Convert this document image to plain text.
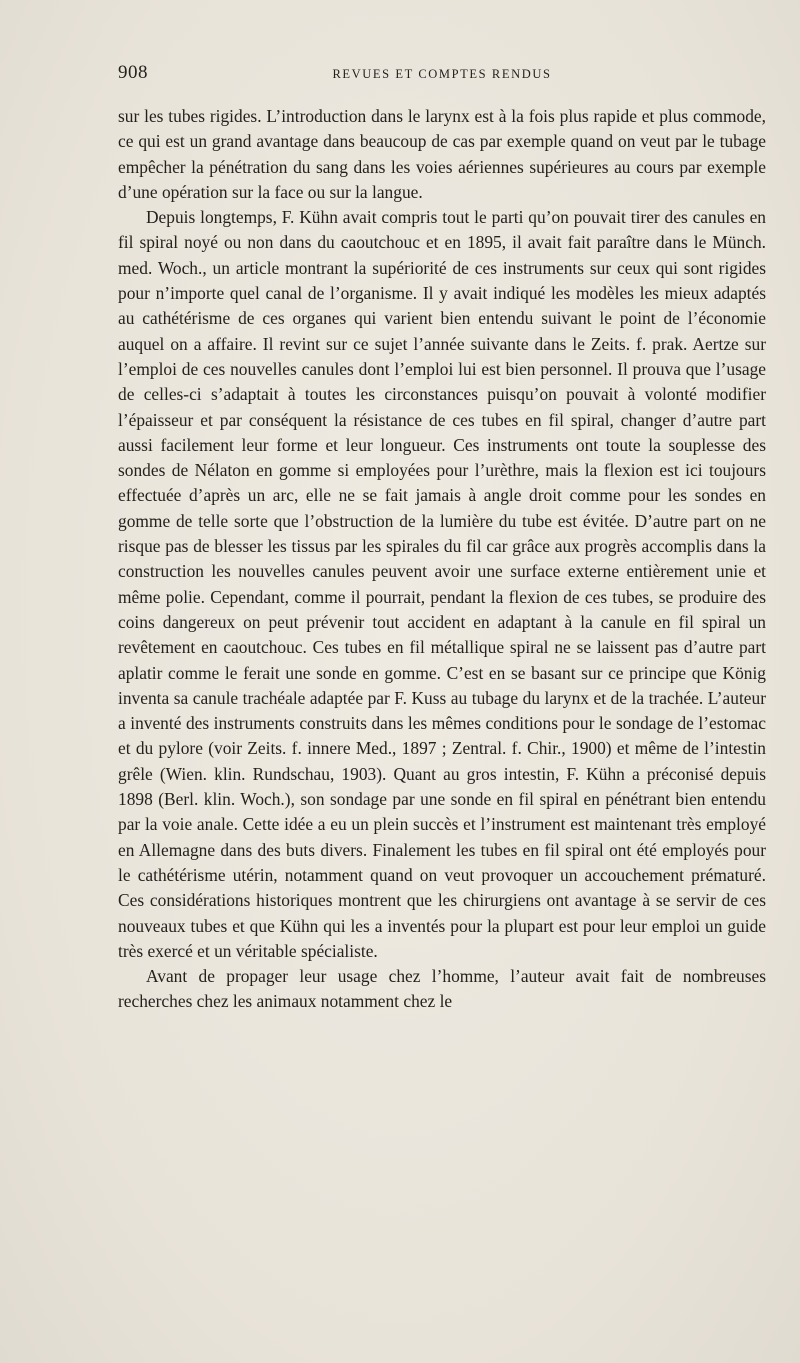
908	REVUES ET COMPTES RENDUS

sur les tubes rigides. L’introduction dans le larynx est à la fois plus rapide et plus commode, ce qui est un grand avantage dans beaucoup de cas par exemple quand on veut par le tubage empêcher la pénétration du sang dans les voies aériennes supérieures au cours par exemple d’une opération sur la face ou sur la langue.

Depuis longtemps, F. Kühn avait compris tout le parti qu’on pouvait tirer des canules en fil spiral noyé ou non dans du caoutchouc et en 1895, il avait fait paraître dans le Münch. med. Woch., un article montrant la supériorité de ces instruments sur ceux qui sont rigides pour n’importe quel canal de l’organisme. Il y avait indiqué les modèles les mieux adaptés au cathétérisme de ces organes qui varient bien entendu suivant le point de l’économie auquel on a affaire. Il revint sur ce sujet l’année suivante dans le Zeits. f. prak. Aertze sur l’emploi de ces nouvelles canules dont l’emploi lui est bien personnel. Il prouva que l’usage de celles-ci s’adaptait à toutes les circonstances puisqu’on pouvait à volonté modifier l’épaisseur et par conséquent la résistance de ces tubes en fil spiral, changer d’autre part aussi facilement leur forme et leur longueur. Ces instruments ont toute la souplesse des sondes de Nélaton en gomme si employées pour l’urèthre, mais la flexion est ici toujours effectuée d’après un arc, elle ne se fait jamais à angle droit comme pour les sondes en gomme de telle sorte que l’obstruction de la lumière du tube est évitée. D’autre part on ne risque pas de blesser les tissus par les spirales du fil car grâce aux progrès accomplis dans la construction les nouvelles canules peuvent avoir une surface externe entièrement unie et même polie. Cependant, comme il pourrait, pendant la flexion de ces tubes, se produire des coins dangereux on peut prévenir tout accident en adaptant à la canule en fil spiral un revêtement en caoutchouc. Ces tubes en fil métallique spiral ne se laissent pas d’autre part aplatir comme le ferait une sonde en gomme. C’est en se basant sur ce principe que König inventa sa canule trachéale adaptée par F. Kuss au tubage du larynx et de la trachée. L’auteur a inventé des instruments construits dans les mêmes conditions pour le sondage de l’estomac et du pylore (voir Zeits. f. innere Med., 1897 ; Zentral. f. Chir., 1900) et même de l’intestin grêle (Wien. klin. Rundschau, 1903). Quant au gros intestin, F. Kühn a préconisé depuis 1898 (Berl. klin. Woch.), son sondage par une sonde en fil spiral en pénétrant bien entendu par la voie anale. Cette idée a eu un plein succès et l’instrument est maintenant très employé en Allemagne dans des buts divers. Finalement les tubes en fil spiral ont été employés pour le cathétérisme utérin, notamment quand on veut provoquer un accouchement prématuré. Ces considérations historiques montrent que les chirurgiens ont avantage à se servir de ces nouveaux tubes et que Kühn qui les a inventés pour la plupart est pour leur emploi un guide très exercé et un véritable spécialiste.

Avant de propager leur usage chez l’homme, l’auteur avait fait de nombreuses recherches chez les animaux notamment chez le
